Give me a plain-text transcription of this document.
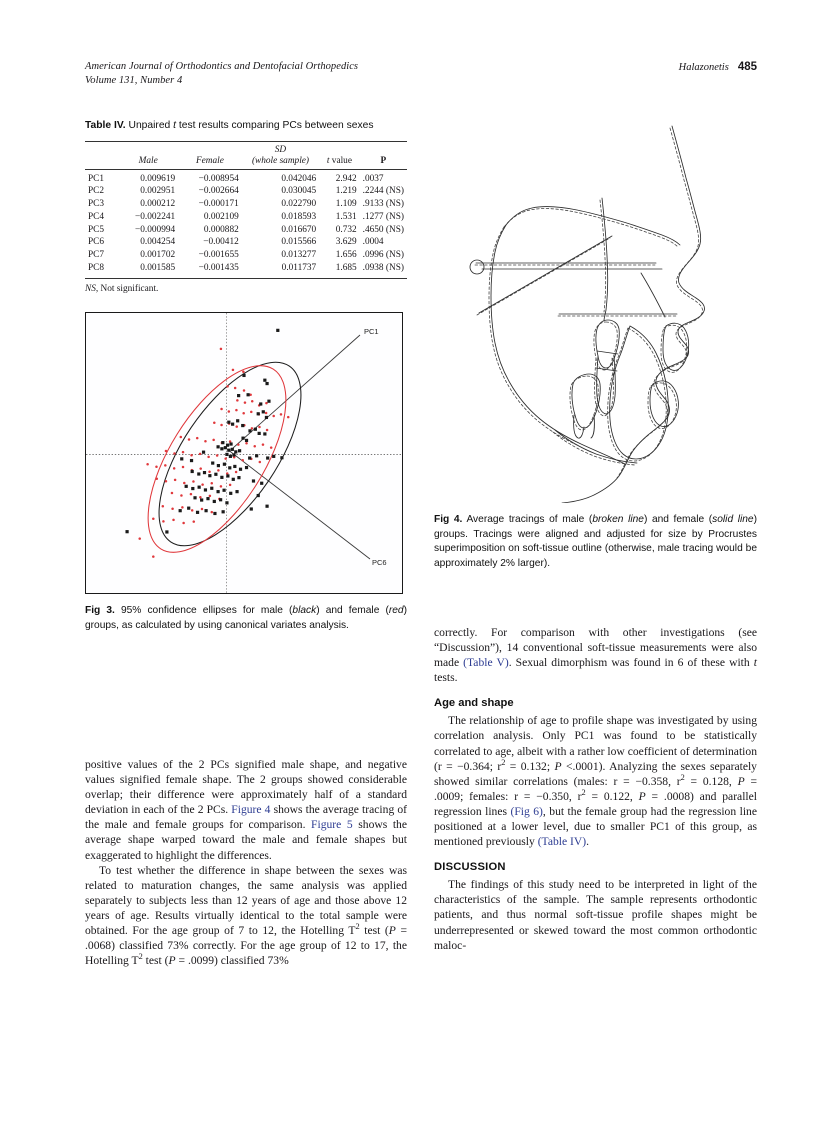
American Journal of Orthodontics and Dentofacial Orthopedics
Volume 131, Number 4
Halazonetis 485
Table IV. Unpaired t test results comparing PCs between sexes
			SD		
	Male	Female	(whole sample)	t value	P
PC1	0.009619	−0.008954	0.042046	2.942	.0037
PC2	0.002951	−0.002664	0.030045	1.219	.2244 (NS)
PC3	0.000212	−0.000171	0.022790	1.109	.9133 (NS)
PC4	−0.002241	0.002109	0.018593	1.531	.1277 (NS)
PC5	−0.000994	0.000882	0.016670	0.732	.4650 (NS)
PC6	0.004254	−0.00412	0.015566	3.629	.0004
PC7	0.001702	−0.001655	0.013277	1.656	.0996 (NS)
PC8	0.001585	−0.001435	0.011737	1.685	.0938 (NS)
NS, Not significant.
PC1
PC6
Fig 3. 95% confidence ellipses for male (black) and female (red) groups, as calculated by using canonical variates analysis.

positive values of the 2 PCs signified male shape, and negative values signified female shape. The 2 groups showed considerable overlap; their difference were approximately half of a standard deviation in each of the 2 PCs. Figure 4 shows the average tracing of the male and female groups for comparison. Figure 5 shows the average shape warped toward the male and female shapes but exaggerated to highlight the differences.

To test whether the difference in shape between the sexes was related to maturation changes, the same analysis was applied separately to subjects less than 12 years of age and those above 12 years of age. Results virtually identical to the total sample were obtained. For the age group of 7 to 12, the Hotelling $T^2$ test (P = .0068) classified 73% correctly. For the age group of 12 to 17, the Hotelling $T^2$ test (P = .0099) classified 73%

Fig 4. Average tracings of male (broken line) and female (solid line) groups. Tracings were aligned and adjusted for size by Procrustes superimposition on soft-tissue outline (otherwise, male tracing would be approximately 2% larger).

correctly. For comparison with other investigations (see “Discussion”), 14 conventional soft-tissue measurements were also made (Table V). Sexual dimorphism was found in 6 of these with t tests.

Age and shape

The relationship of age to profile shape was investigated by using correlation analysis. Only PC1 was found to be statistically correlated to age, albeit with a rather low coefficient of determination (r = −0.364; $r^2 = 0.132$; P <.0001). Analyzing the sexes separately showed similar correlations (males: r = −0.358, $r^2 = 0.128$, P = .0009; females: r = −0.350, $r^2 = 0.122$, P = .0008) and parallel regression lines (Fig 6), but the female group had the regression line positioned at a lower level, due to smaller PC1 of this group, as mentioned previously (Table IV).

DISCUSSION

The findings of this study need to be interpreted in light of the characteristics of the sample. The sample represents orthodontic patients, and thus normal soft-tissue profile shapes might be underrepresented or skewed toward the most common orthodontic maloc-
